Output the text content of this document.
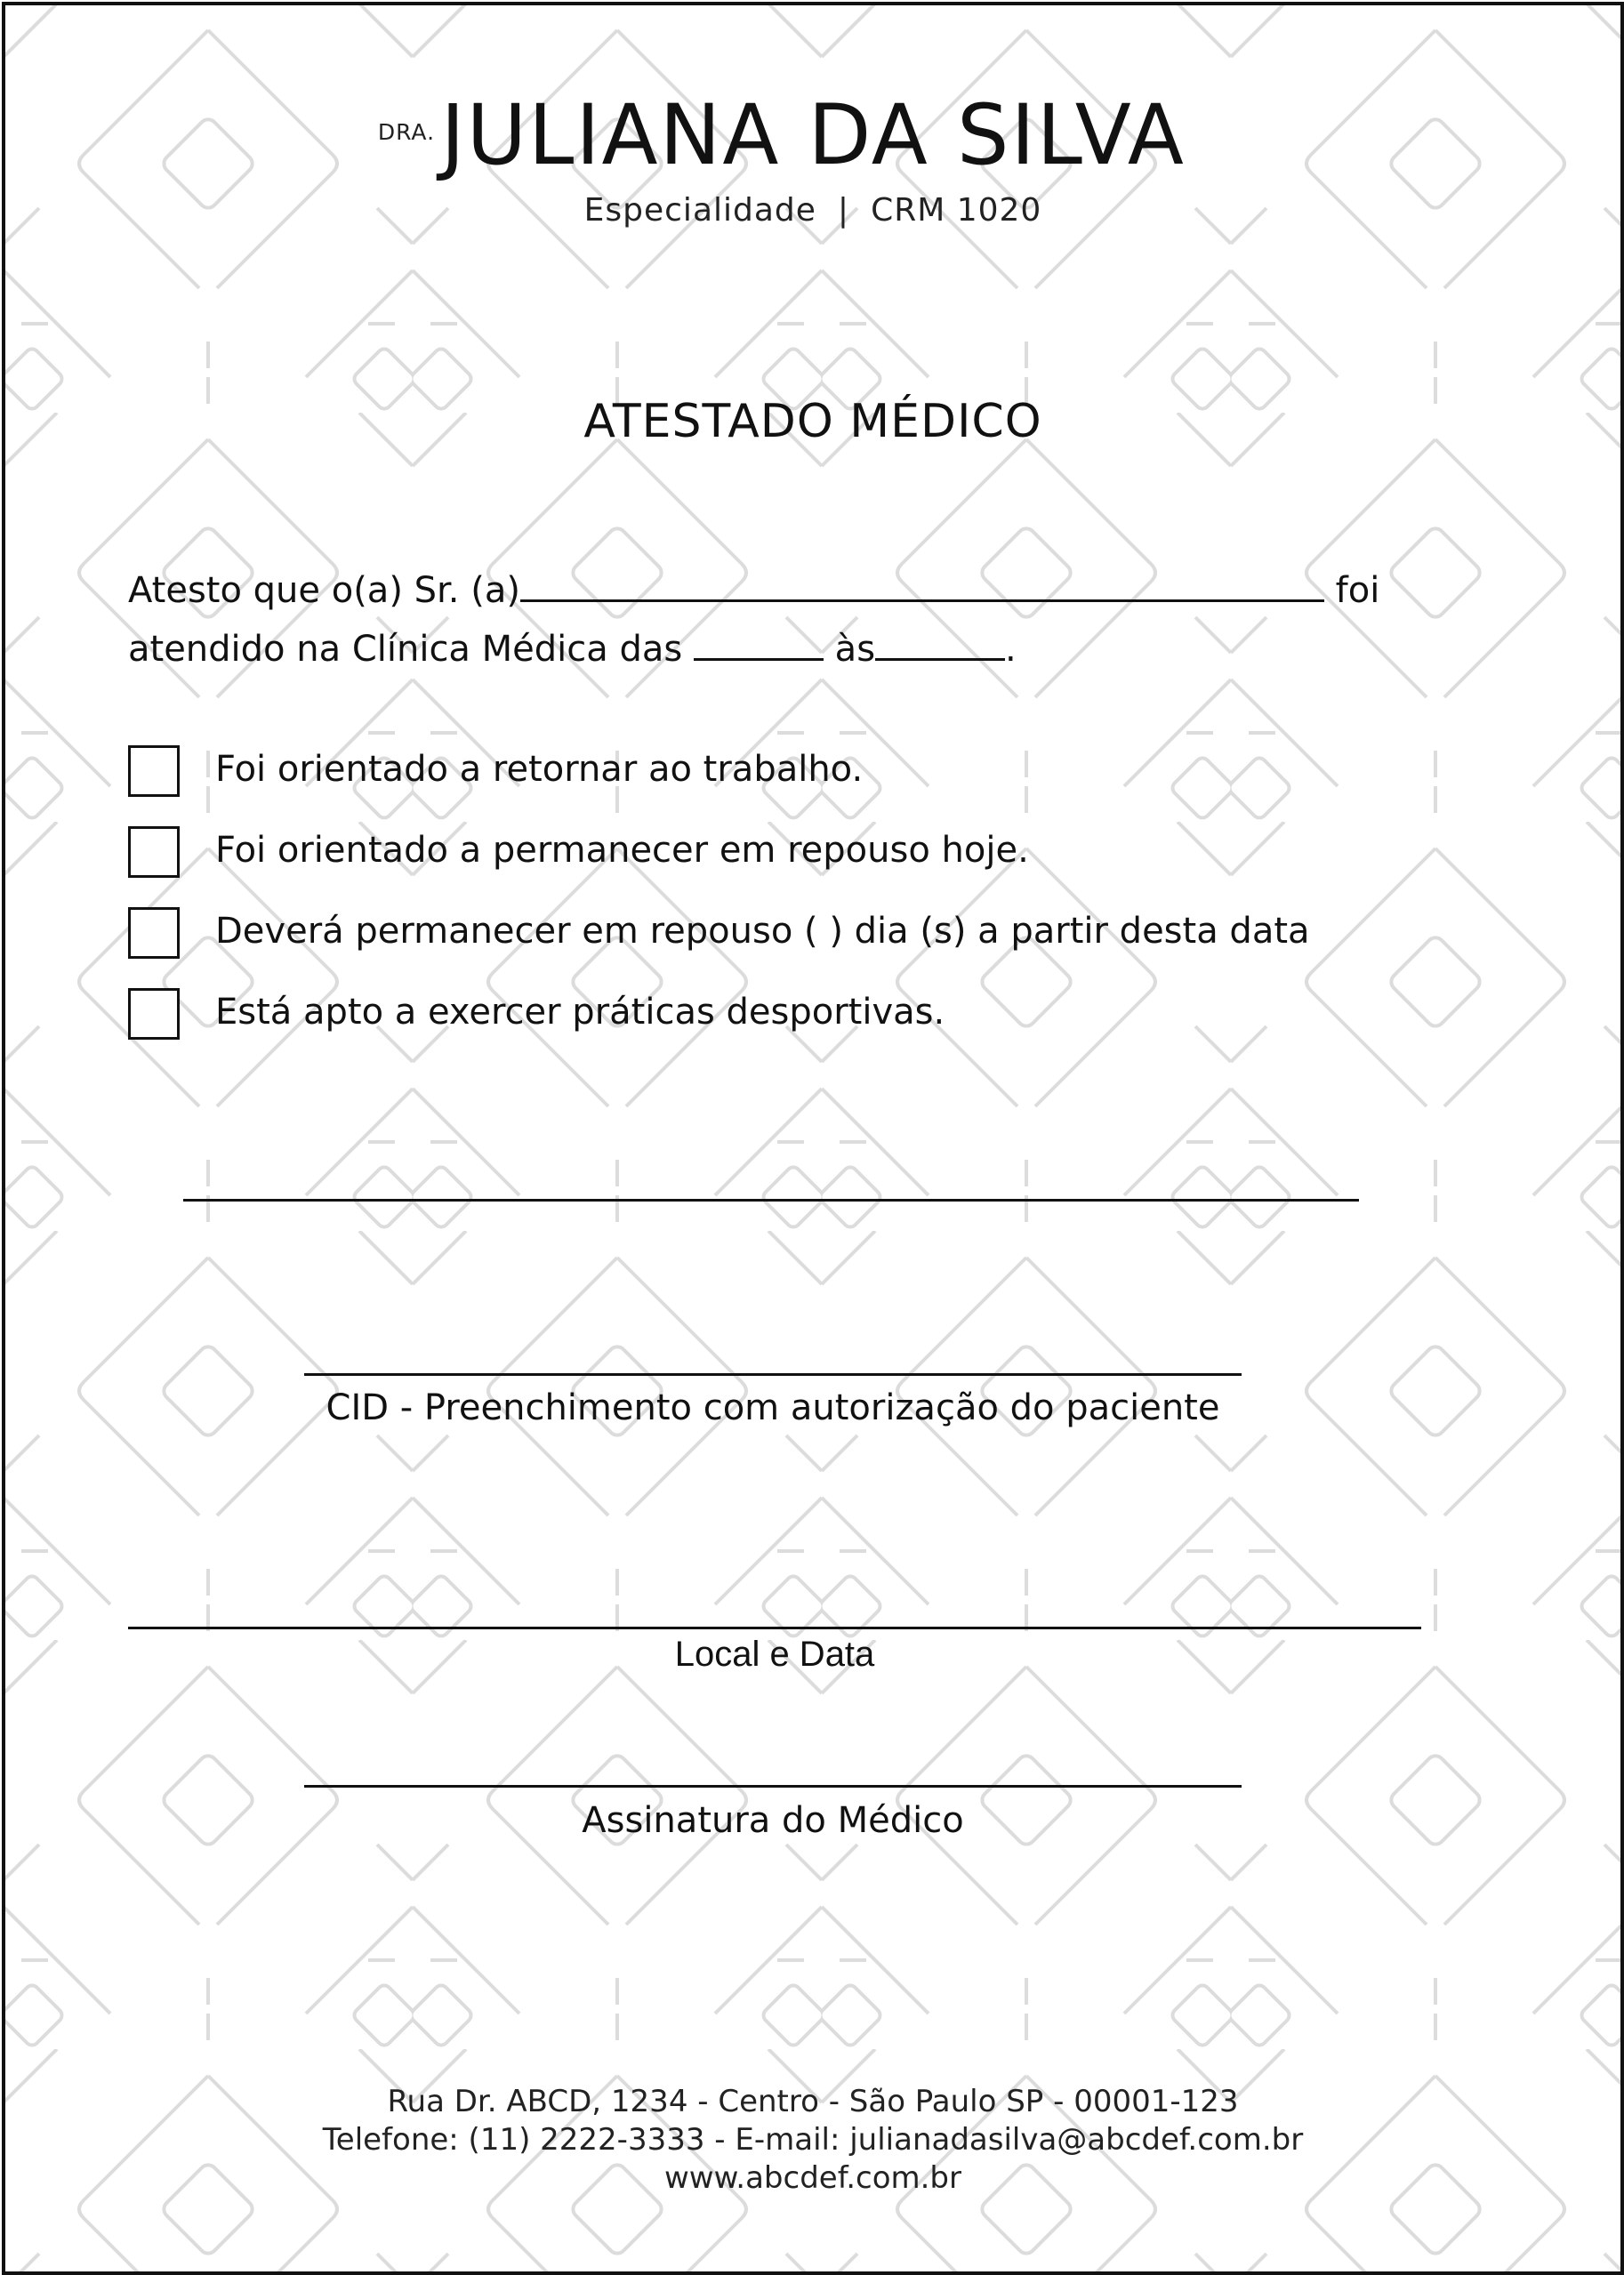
DRA. JULIANA DA SILVA
Especialidade | CRM 1020
ATESTADO MÉDICO
Atesto que o(a) Sr. (a)	foi
atendido na Clínica Médica das	às	.
Foi orientado a retornar ao trabalho.
Foi orientado a permanecer em repouso hoje.
Deverá permanecer em repouso ( ) dia (s) a partir desta data
Está apto a exercer práticas desportivas.
CID - Preenchimento com autorização do paciente
Local e Data
Assinatura do Médico
Rua Dr. ABCD, 1234 - Centro - São Paulo SP - 00001-123
Telefone: (11) 2222-3333 - E-mail: julianadasilva@abcdef.com.br
www.abcdef.com.br
